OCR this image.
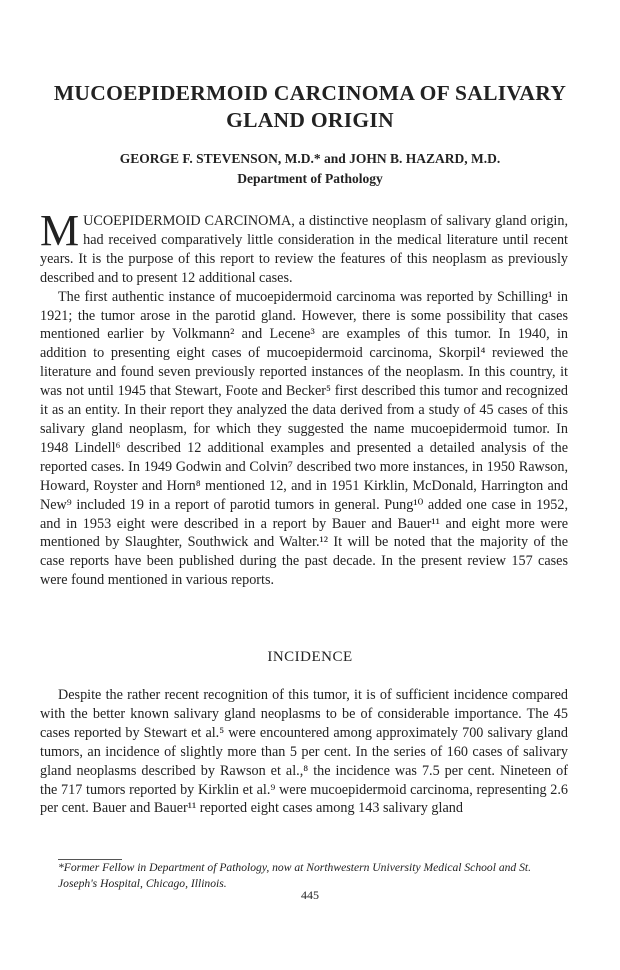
MUCOEPIDERMOID CARCINOMA OF SALIVARY
GLAND ORIGIN
GEORGE F. STEVENSON, M.D.* and JOHN B. HAZARD, M.D.
Department of Pathology

MUCOEPIDERMOID CARCINOMA, a distinctive neoplasm of salivary gland origin, had received comparatively little consideration in the medical literature until recent years. It is the purpose of this report to review the features of this neoplasm as previously described and to present 12 additional cases.

The first authentic instance of mucoepidermoid carcinoma was reported by Schilling¹ in 1921; the tumor arose in the parotid gland. However, there is some possibility that cases mentioned earlier by Volkmann² and Lecene³ are examples of this tumor. In 1940, in addition to presenting eight cases of mucoepidermoid carcinoma, Skorpil⁴ reviewed the literature and found seven previously reported instances of the neoplasm. In this country, it was not until 1945 that Stewart, Foote and Becker⁵ first described this tumor and recognized it as an entity. In their report they analyzed the data derived from a study of 45 cases of this salivary gland neoplasm, for which they suggested the name mucoepidermoid tumor. In 1948 Lindell⁶ described 12 additional examples and presented a detailed analysis of the reported cases. In 1949 Godwin and Colvin⁷ described two more instances, in 1950 Rawson, Howard, Royster and Horn⁸ mentioned 12, and in 1951 Kirklin, McDonald, Harrington and New⁹ included 19 in a report of parotid tumors in general. Pung¹⁰ added one case in 1952, and in 1953 eight were described in a report by Bauer and Bauer¹¹ and eight more were mentioned by Slaughter, Southwick and Walter.¹² It will be noted that the majority of the case reports have been published during the past decade. In the present review 157 cases were found mentioned in various reports.

INCIDENCE

Despite the rather recent recognition of this tumor, it is of sufficient incidence compared with the better known salivary gland neoplasms to be of considerable importance. The 45 cases reported by Stewart et al.⁵ were encountered among approximately 700 salivary gland tumors, an incidence of slightly more than 5 per cent. In the series of 160 cases of salivary gland neoplasms described by Rawson et al.,⁸ the incidence was 7.5 per cent. Nineteen of the 717 tumors reported by Kirklin et al.⁹ were mucoepidermoid carcinoma, representing 2.6 per cent. Bauer and Bauer¹¹ reported eight cases among 143 salivary gland

*Former Fellow in Department of Pathology, now at Northwestern University Medical School and St. Joseph's Hospital, Chicago, Illinois.
445
